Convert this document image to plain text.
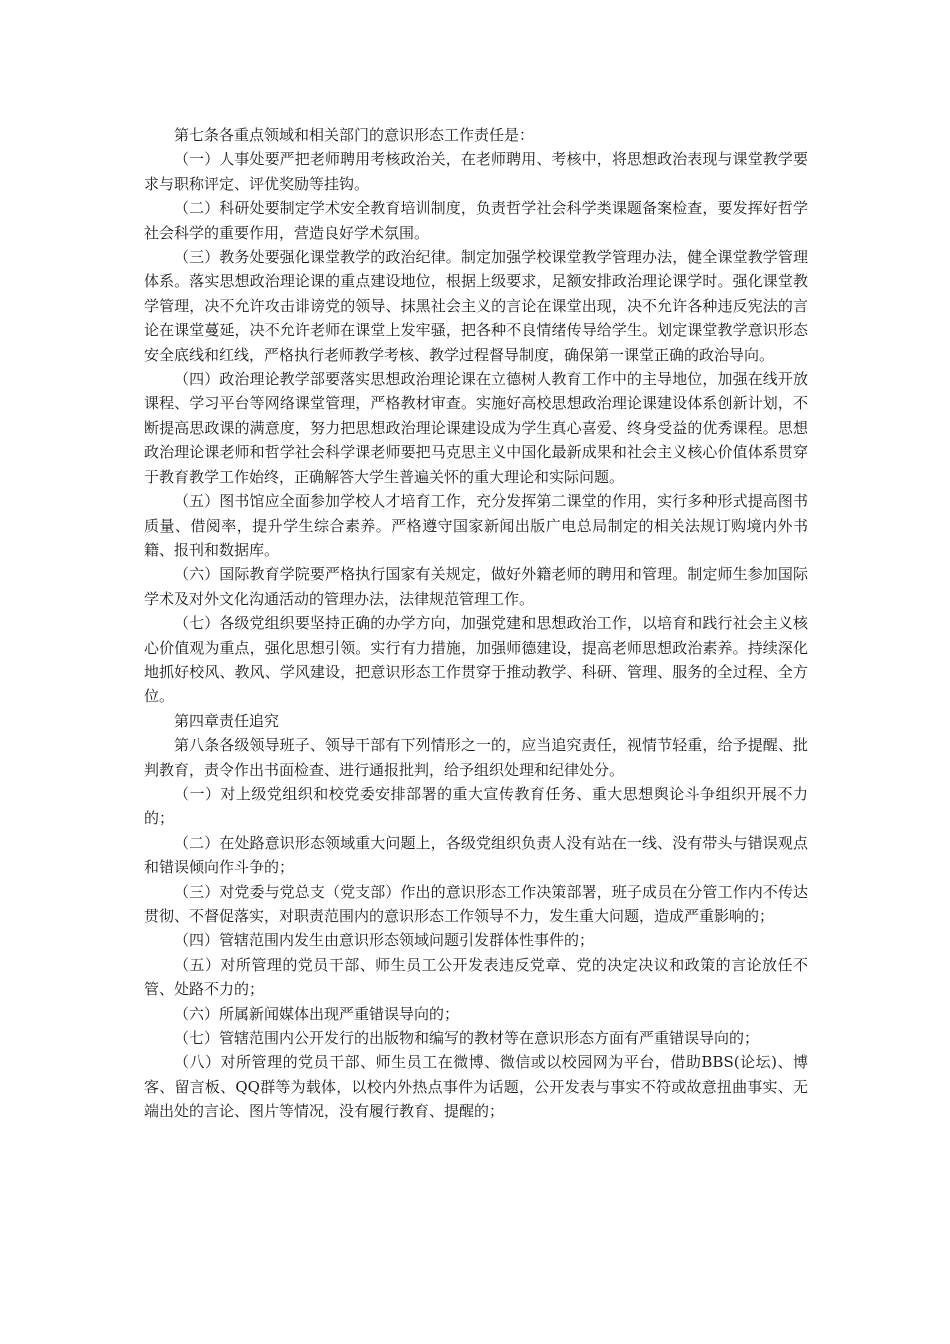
第七条各重点领域和相关部门的意识形态工作责任是：

（一）人事处要严把老师聘用考核政治关，在老师聘用、考核中，将思想政治表现与课堂教学要求与职称评定、评优奖励等挂钩。

（二）科研处要制定学术安全教育培训制度，负责哲学社会科学类课题备案检查，要发挥好哲学社会科学的重要作用，营造良好学术氛围。

（三）教务处要强化课堂教学的政治纪律。制定加强学校课堂教学管理办法，健全课堂教学管理体系。落实思想政治理论课的重点建设地位，根据上级要求，足额安排政治理论课学时。强化课堂教学管理，决不允许攻击诽谤党的领导、抹黑社会主义的言论在课堂出现，决不允许各种违反宪法的言论在课堂蔓延，决不允许老师在课堂上发牢骚，把各种不良情绪传导给学生。划定课堂教学意识形态安全底线和红线，严格执行老师教学考核、教学过程督导制度，确保第一课堂正确的政治导向。

（四）政治理论教学部要落实思想政治理论课在立德树人教育工作中的主导地位，加强在线开放课程、学习平台等网络课堂管理，严格教材审查。实施好高校思想政治理论课建设体系创新计划，不断提高思政课的满意度，努力把思想政治理论课建设成为学生真心喜爱、终身受益的优秀课程。思想政治理论课老师和哲学社会科学课老师要把马克思主义中国化最新成果和社会主义核心价值体系贯穿于教育教学工作始终，正确解答大学生普遍关怀的重大理论和实际问题。

（五）图书馆应全面参加学校人才培育工作，充分发挥第二课堂的作用，实行多种形式提高图书质量、借阅率，提升学生综合素养。严格遵守国家新闻出版广电总局制定的相关法规订购境内外书籍、报刊和数据库。

（六）国际教育学院要严格执行国家有关规定，做好外籍老师的聘用和管理。制定师生参加国际学术及对外文化沟通活动的管理办法，法律规范管理工作。

（七）各级党组织要坚持正确的办学方向，加强党建和思想政治工作，以培育和践行社会主义核心价值观为重点，强化思想引领。实行有力措施，加强师德建设，提高老师思想政治素养。持续深化地抓好校风、教风、学风建设，把意识形态工作贯穿于推动教学、科研、管理、服务的全过程、全方位。

第四章责任追究

第八条各级领导班子、领导干部有下列情形之一的，应当追究责任，视情节轻重，给予提醒、批判教育，责令作出书面检查、进行通报批判，给予组织处理和纪律处分。

（一）对上级党组织和校党委安排部署的重大宣传教育任务、重大思想舆论斗争组织开展不力的；

（二）在处路意识形态领域重大问题上，各级党组织负责人没有站在一线、没有带头与错误观点和错误倾向作斗争的；

（三）对党委与党总支（党支部）作出的意识形态工作决策部署，班子成员在分管工作内不传达贯彻、不督促落实，对职责范围内的意识形态工作领导不力，发生重大问题，造成严重影响的；

（四）管辖范围内发生由意识形态领域问题引发群体性事件的；

（五）对所管理的党员干部、师生员工公开发表违反党章、党的决定决议和政策的言论放任不管、处路不力的；

（六）所属新闻媒体出现严重错误导向的；

（七）管辖范围内公开发行的出版物和编写的教材等在意识形态方面有严重错误导向的；

（八）对所管理的党员干部、师生员工在微博、微信或以校园网为平台，借助BBS(论坛)、博客、留言板、QQ群等为载体，以校内外热点事件为话题，公开发表与事实不符或故意扭曲事实、无端出处的言论、图片等情况，没有履行教育、提醒的；
